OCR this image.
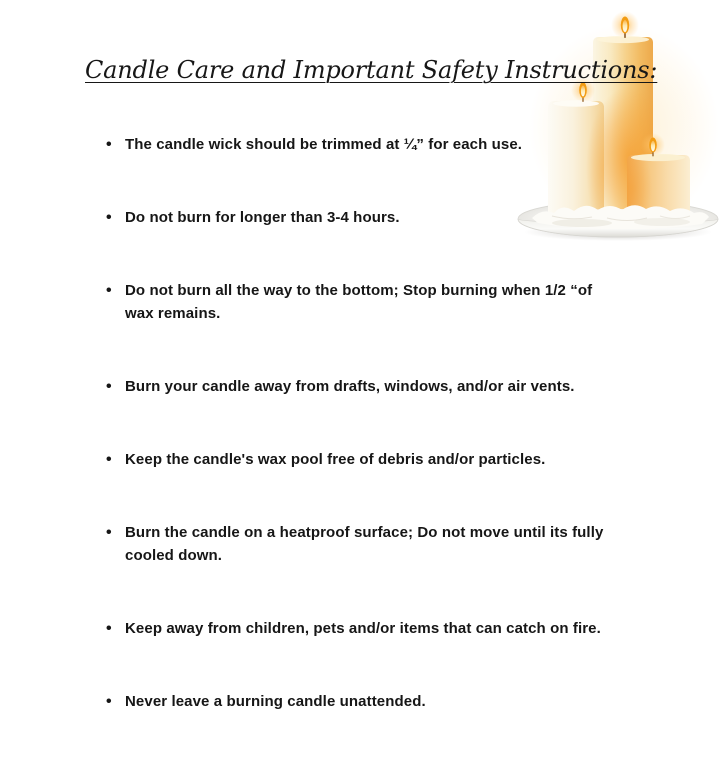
Candle Care and Important Safety Instructions:
• The candle wick should be trimmed at ¼” for each use.
• Do not burn for longer than 3-4 hours.
• Do not burn all the way to the bottom; Stop burning when 1/2 “of wax remains.
• Burn your candle away from drafts, windows, and/or air vents.
• Keep the candle's wax pool free of debris and/or particles.
• Burn the candle on a heatproof surface; Do not move until its fully cooled down.
• Keep away from children, pets and/or items that can catch on fire.
• Never leave a burning candle unattended.
